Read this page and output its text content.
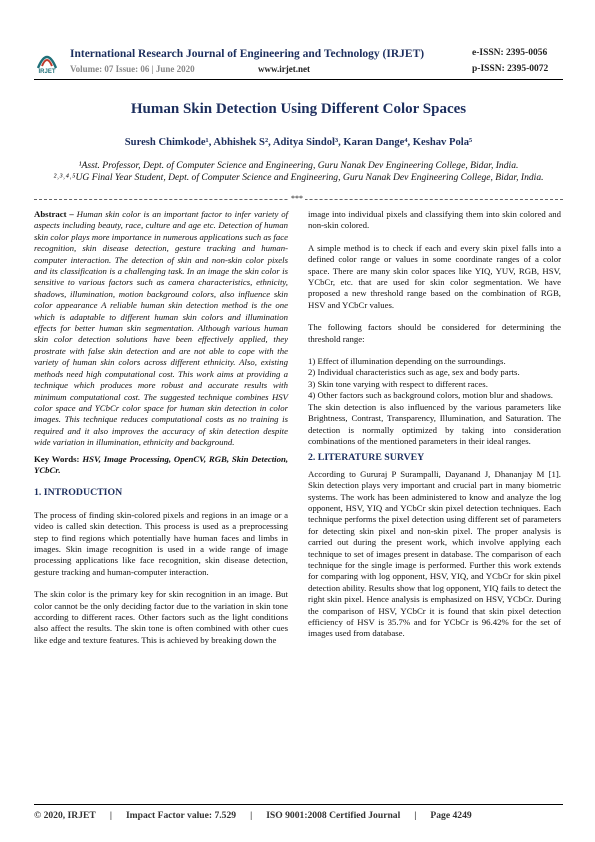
IRJET
International Research Journal of Engineering and Technology (IRJET)	e-ISSN: 2395-0056
Volume: 07 Issue: 06 | June 2020	www.irjet.net	p-ISSN: 2395-0072
Human Skin Detection Using Different Color Spaces
Suresh Chimkode¹, Abhishek S², Aditya Sindol³, Karan Dange⁴, Keshav Pola⁵
¹Asst. Professor, Dept. of Computer Science and Engineering, Guru Nanak Dev Engineering College, Bidar, India.
²˒³˒⁴˒⁵UG Final Year Student, Dept. of Computer Science and Engineering, Guru Nanak Dev Engineering College, Bidar, India.
***

Abstract – Human skin color is an important factor to infer variety of aspects including beauty, race, culture and age etc. Detection of human skin color plays more importance in numerous applications such as face recognition, skin disease detection, gesture tracking and human-computer interaction. The detection of skin and non-skin color pixels and its classification is a challenging task. In an image the skin color is sensitive to various factors such as camera characteristics, ethnicity, shadows, illumination, motion background colors, also influence skin color appearance A reliable human skin detection method is the one which is adaptable to different human skin colors and illumination effects for better human skin segmentation. Although various human skin color detection solutions have been effectively applied, they prostrate with false skin detection and are not able to cope with the variety of human skin colors across different ethnicity. Also, existing methods need high computational cost. This work aims at providing a technique which produces more robust and accurate results with minimum computational cost. The suggested technique combines HSV color space and YCbCr color space for human skin detection in color images. This technique reduces computational costs as no training is required and it also improves the accuracy of skin detection despite wide variation in illumination, ethnicity and background.

Key Words: HSV, Image Processing, OpenCV, RGB, Skin Detection, YCbCr.

1. INTRODUCTION

The process of finding skin-colored pixels and regions in an image or a video is called skin detection. This process is used as a preprocessing step to find regions which potentially have human faces and limbs in images. Skin image recognition is used in a wide range of image processing applications like face recognition, skin disease detection, gesture tracking and human-computer interaction.

The skin color is the primary key for skin recognition in an image. But color cannot be the only deciding factor due to the variation in skin tone according to different races. Other factors such as the light conditions also affect the results. The skin tone is often combined with other cues like edge and texture features. This is achieved by breaking down the

image into individual pixels and classifying them into skin colored and non-skin colored.

A simple method is to check if each and every skin pixel falls into a defined color range or values in some coordinate ranges of a color space. There are many skin color spaces like YIQ, YUV, RGB, HSV, YCbCr, etc. that are used for skin color segmentation. We have proposed a new threshold range based on the combination of RGB, HSV and YCbCr values.

The following factors should be considered for determining the threshold range:

1) Effect of illumination depending on the surroundings.

2) Individual characteristics such as age, sex and body parts.

3) Skin tone varying with respect to different races.

4) Other factors such as background colors, motion blur and shadows.

The skin detection is also influenced by the various parameters like Brightness, Contrast, Transparency, Illumination, and Saturation. The detection is normally optimized by taking into consideration combinations of the mentioned parameters in their ideal ranges.

2. LITERATURE SURVEY

According to Gururaj P Surampalli, Dayanand J, Dhananjay M [1]. Skin detection plays very important and crucial part in many biometric systems. The work has been administered to know and analyze the log opponent, HSV, YIQ and YCbCr skin pixel detection techniques. Each technique performs the pixel detection using different set of parameters for detecting skin pixel and non-skin pixel. The proper analysis is carried out during the present work, which involve applying each technique to set of images present in database. The comparison of each technique for the single image is performed. Further this work extends for comparing with log opponent, HSV, YIQ, and YCbCr for skin pixel detection ability. Results show that log opponent, YIQ fails to detect the right skin pixel. Hence analysis is emphasized on HSV, YCbCr. During the comparison of HSV, YCbCr it is found that skin pixel detection efficiency of HSV is 35.7% and for YCbCr is 96.42% for the set of images used from database.

© 2020, IRJET | Impact Factor value: 7.529 | ISO 9001:2008 Certified Journal | Page 4249
